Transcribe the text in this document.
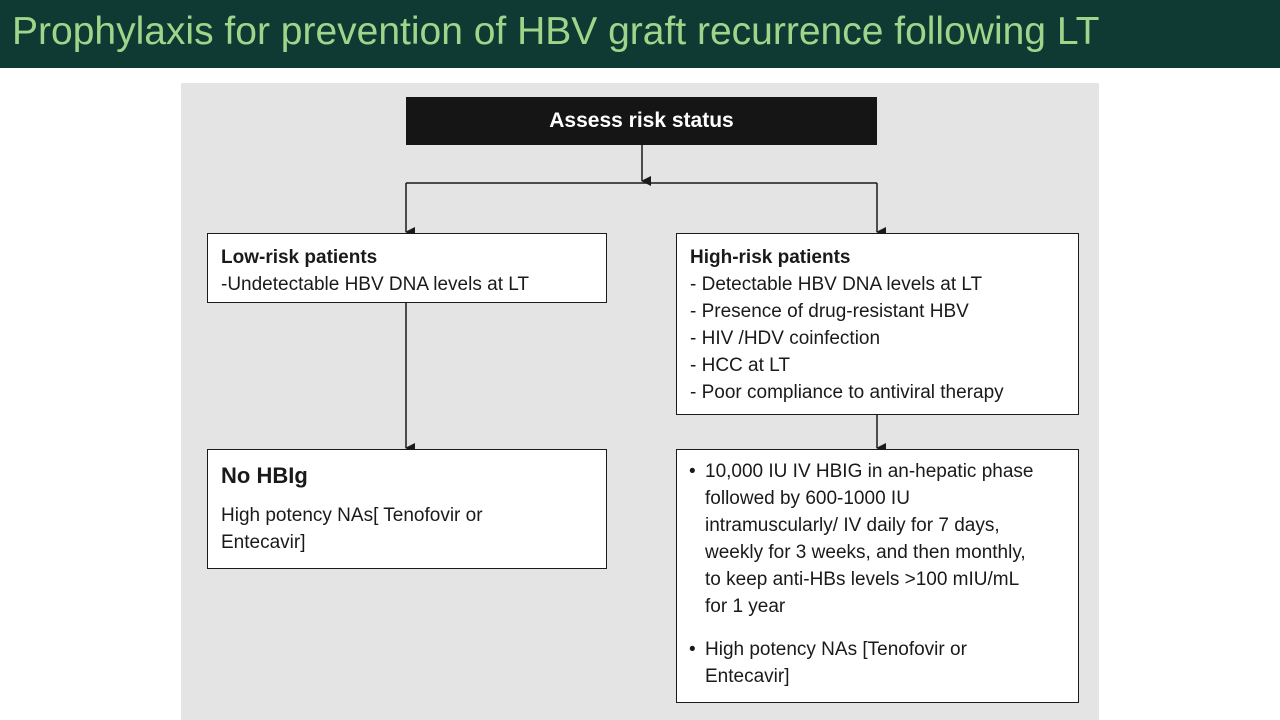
Prophylaxis for prevention of HBV graft recurrence following LT
Assess risk status
Low-risk patients
-Undetectable HBV DNA levels at LT
High-risk patients
- Detectable HBV DNA levels at LT
- Presence of drug-resistant HBV
- HIV /HDV coinfection
- HCC at LT
- Poor compliance to antiviral therapy
No HBIg
High potency NAs[ Tenofovir or
Entecavir]
• 10,000 IU IV HBIG in an-hepatic phase
followed by 600-1000 IU
intramuscularly/ IV daily for 7 days,
weekly for 3 weeks, and then monthly,
to keep anti-HBs levels >100 mIU/mL
for 1 year
• High potency NAs [Tenofovir or
Entecavir]
